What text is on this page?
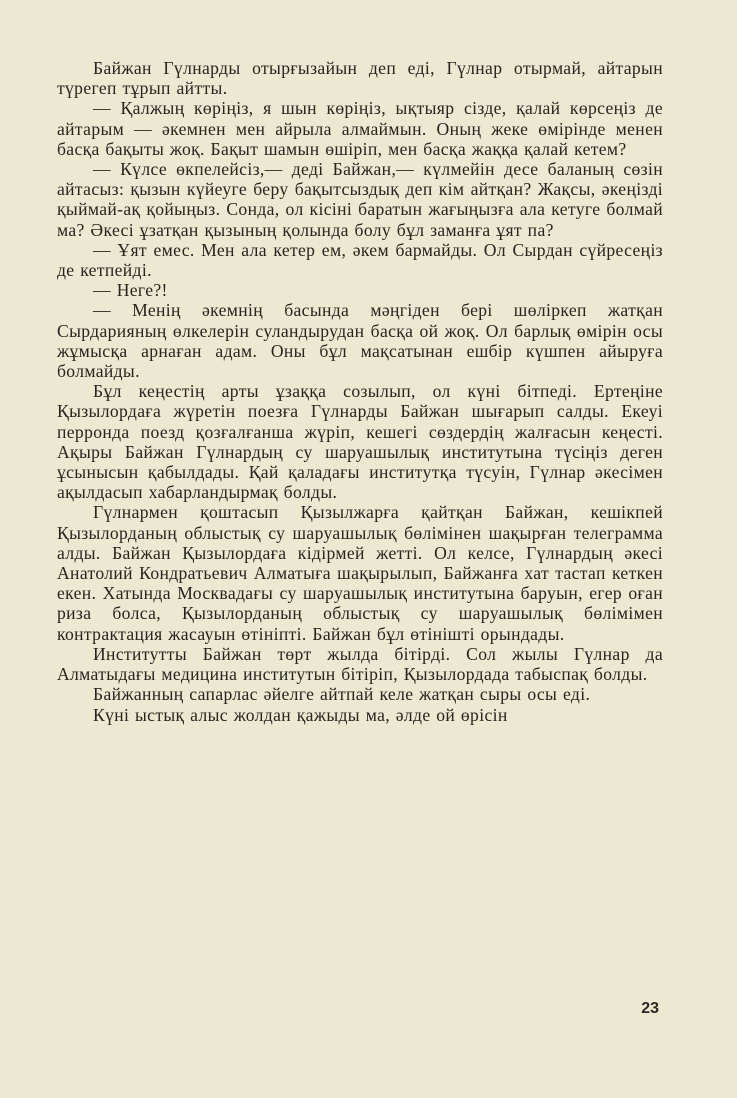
Байжан Гүлнарды отырғызайын деп еді, Гүлнар отырмай, айтарын түрегеп тұрып айтты.

— Қалжың көріңіз, я шын көріңіз, ықтыяр сізде, қалай көрсеңіз де айтарым — әкемнен мен айрыла алмаймын. Оның жеке өмірінде менен басқа бақыты жоқ. Бақыт шамын өшіріп, мен басқа жаққа қалай кетем?

— Күлсе өкпелейсіз,— деді Байжан,— күлмейін десе баланың сөзін айтасыз: қызын күйеуге беру бақытсыздық деп кім айтқан? Жақсы, әкеңізді қыймай-ақ қойыңыз. Сонда, ол кісіні баратын жағыңызға ала кетуге болмай ма? Әкесі ұзатқан қызының қолында болу бұл заманға ұят па?

— Ұят емес. Мен ала кетер ем, әкем бармайды. Ол Сырдан сүйресеңіз де кетпейді.

— Неге?!

— Менің әкемнің басында мәңгіден бері шөліркеп жатқан Сырдарияның өлкелерін суландырудан басқа ой жоқ. Ол барлық өмірін осы жұмысқа арнаған адам. Оны бұл мақсатынан ешбір күшпен айыруға болмайды.

Бұл кеңестің арты ұзаққа созылып, ол күні бітпеді. Ертеңіне Қызылордаға жүретін поезға Гүлнарды Байжан шығарып салды. Екеуі перронда поезд қозғалғанша жүріп, кешегі сөздердің жалғасын кеңесті. Ақыры Байжан Гүлнардың су шаруашылық институтына түсіңіз деген ұсынысын қабылдады. Қай қаладағы институтқа түсуін, Гүлнар әкесімен ақылдасып хабарландырмақ болды.

Гүлнармен қоштасып Қызылжарға қайтқан Байжан, кешікпей Қызылорданың облыстық су шаруашылық бөлімінен шақырған телеграмма алды. Байжан Қызылордаға кідірмей жетті. Ол келсе, Гүлнардың әкесі Анатолий Кондратьевич Алматыға шақырылып, Байжанға хат тастап кеткен екен. Хатында Москвадағы су шаруашылық институтына баруын, егер оған риза болса, Қызылорданың облыстық су шаруашылық бөлімімен контрактация жасауын өтініпті. Байжан бұл өтінішті орындады.

Институтты Байжан төрт жылда бітірді. Сол жылы Гүлнар да Алматыдағы медицина институтын бітіріп, Қызылордада табыспақ болды.

Байжанның сапарлас әйелге айтпай келе жатқан сыры осы еді.

Күні ыстық алыс жолдан қажыды ма, әлде ой өрісін

23
